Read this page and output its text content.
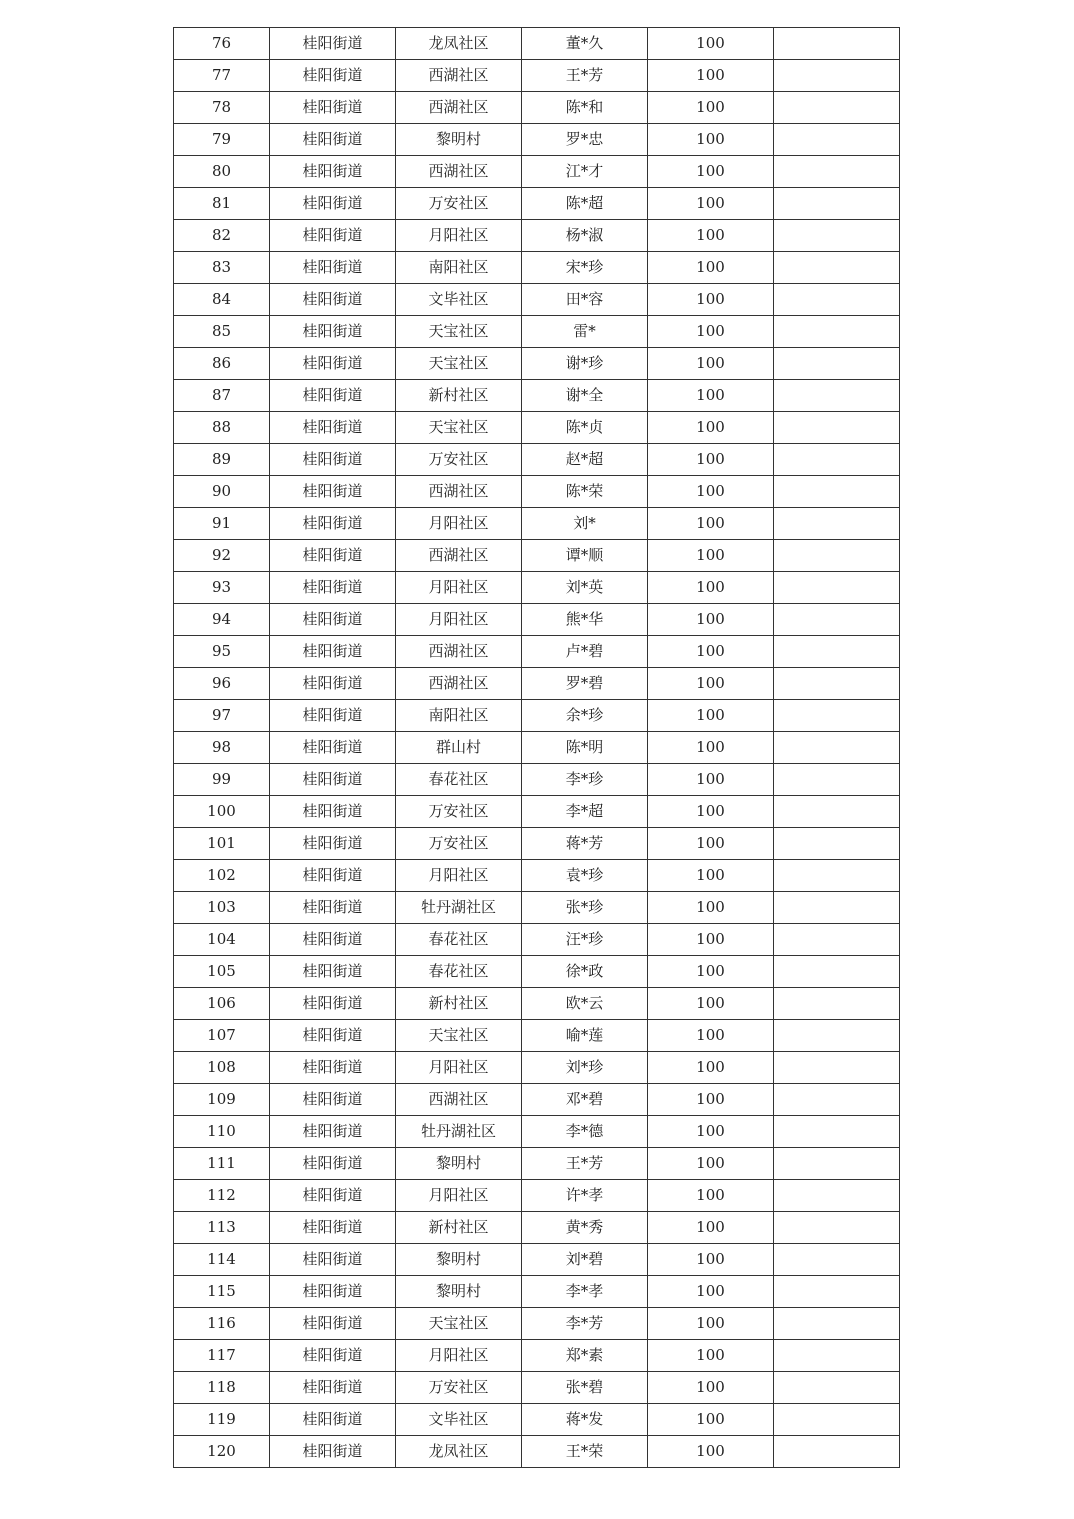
76	桂阳街道	龙凤社区	董*久	100	
77	桂阳街道	西湖社区	王*芳	100	
78	桂阳街道	西湖社区	陈*和	100	
79	桂阳街道	黎明村	罗*忠	100	
80	桂阳街道	西湖社区	江*才	100	
81	桂阳街道	万安社区	陈*超	100	
82	桂阳街道	月阳社区	杨*淑	100	
83	桂阳街道	南阳社区	宋*珍	100	
84	桂阳街道	文毕社区	田*容	100	
85	桂阳街道	天宝社区	雷*	100	
86	桂阳街道	天宝社区	谢*珍	100	
87	桂阳街道	新村社区	谢*全	100	
88	桂阳街道	天宝社区	陈*贞	100	
89	桂阳街道	万安社区	赵*超	100	
90	桂阳街道	西湖社区	陈*荣	100	
91	桂阳街道	月阳社区	刘*	100	
92	桂阳街道	西湖社区	谭*顺	100	
93	桂阳街道	月阳社区	刘*英	100	
94	桂阳街道	月阳社区	熊*华	100	
95	桂阳街道	西湖社区	卢*碧	100	
96	桂阳街道	西湖社区	罗*碧	100	
97	桂阳街道	南阳社区	余*珍	100	
98	桂阳街道	群山村	陈*明	100	
99	桂阳街道	春花社区	李*珍	100	
100	桂阳街道	万安社区	李*超	100	
101	桂阳街道	万安社区	蒋*芳	100	
102	桂阳街道	月阳社区	袁*珍	100	
103	桂阳街道	牡丹湖社区	张*珍	100	
104	桂阳街道	春花社区	汪*珍	100	
105	桂阳街道	春花社区	徐*政	100	
106	桂阳街道	新村社区	欧*云	100	
107	桂阳街道	天宝社区	喻*莲	100	
108	桂阳街道	月阳社区	刘*珍	100	
109	桂阳街道	西湖社区	邓*碧	100	
110	桂阳街道	牡丹湖社区	李*德	100	
111	桂阳街道	黎明村	王*芳	100	
112	桂阳街道	月阳社区	许*孝	100	
113	桂阳街道	新村社区	黄*秀	100	
114	桂阳街道	黎明村	刘*碧	100	
115	桂阳街道	黎明村	李*孝	100	
116	桂阳街道	天宝社区	李*芳	100	
117	桂阳街道	月阳社区	郑*素	100	
118	桂阳街道	万安社区	张*碧	100	
119	桂阳街道	文毕社区	蒋*发	100	
120	桂阳街道	龙凤社区	王*荣	100	
